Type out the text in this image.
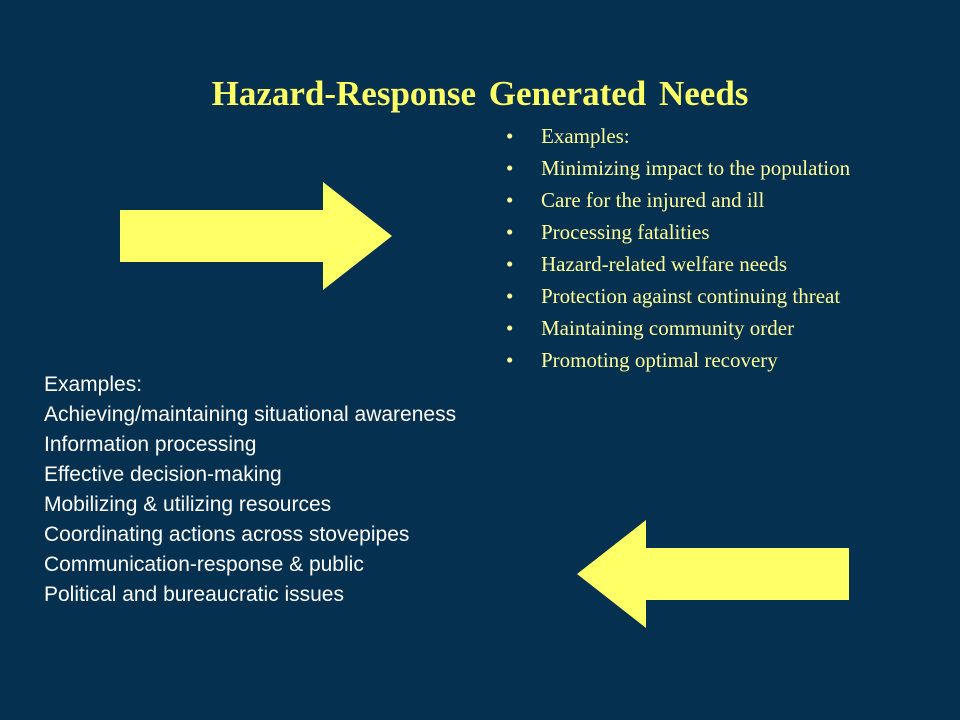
Hazard-Response Generated Needs
• Examples:
• Minimizing impact to the population
• Care for the injured and ill
• Processing fatalities
• Hazard-related welfare needs
• Protection against continuing threat
• Maintaining community order
• Promoting optimal recovery
Examples:
Achieving/maintaining situational awareness
Information processing
Effective decision-making
Mobilizing & utilizing resources
Coordinating actions across stovepipes
Communication-response & public
Political and bureaucratic issues
